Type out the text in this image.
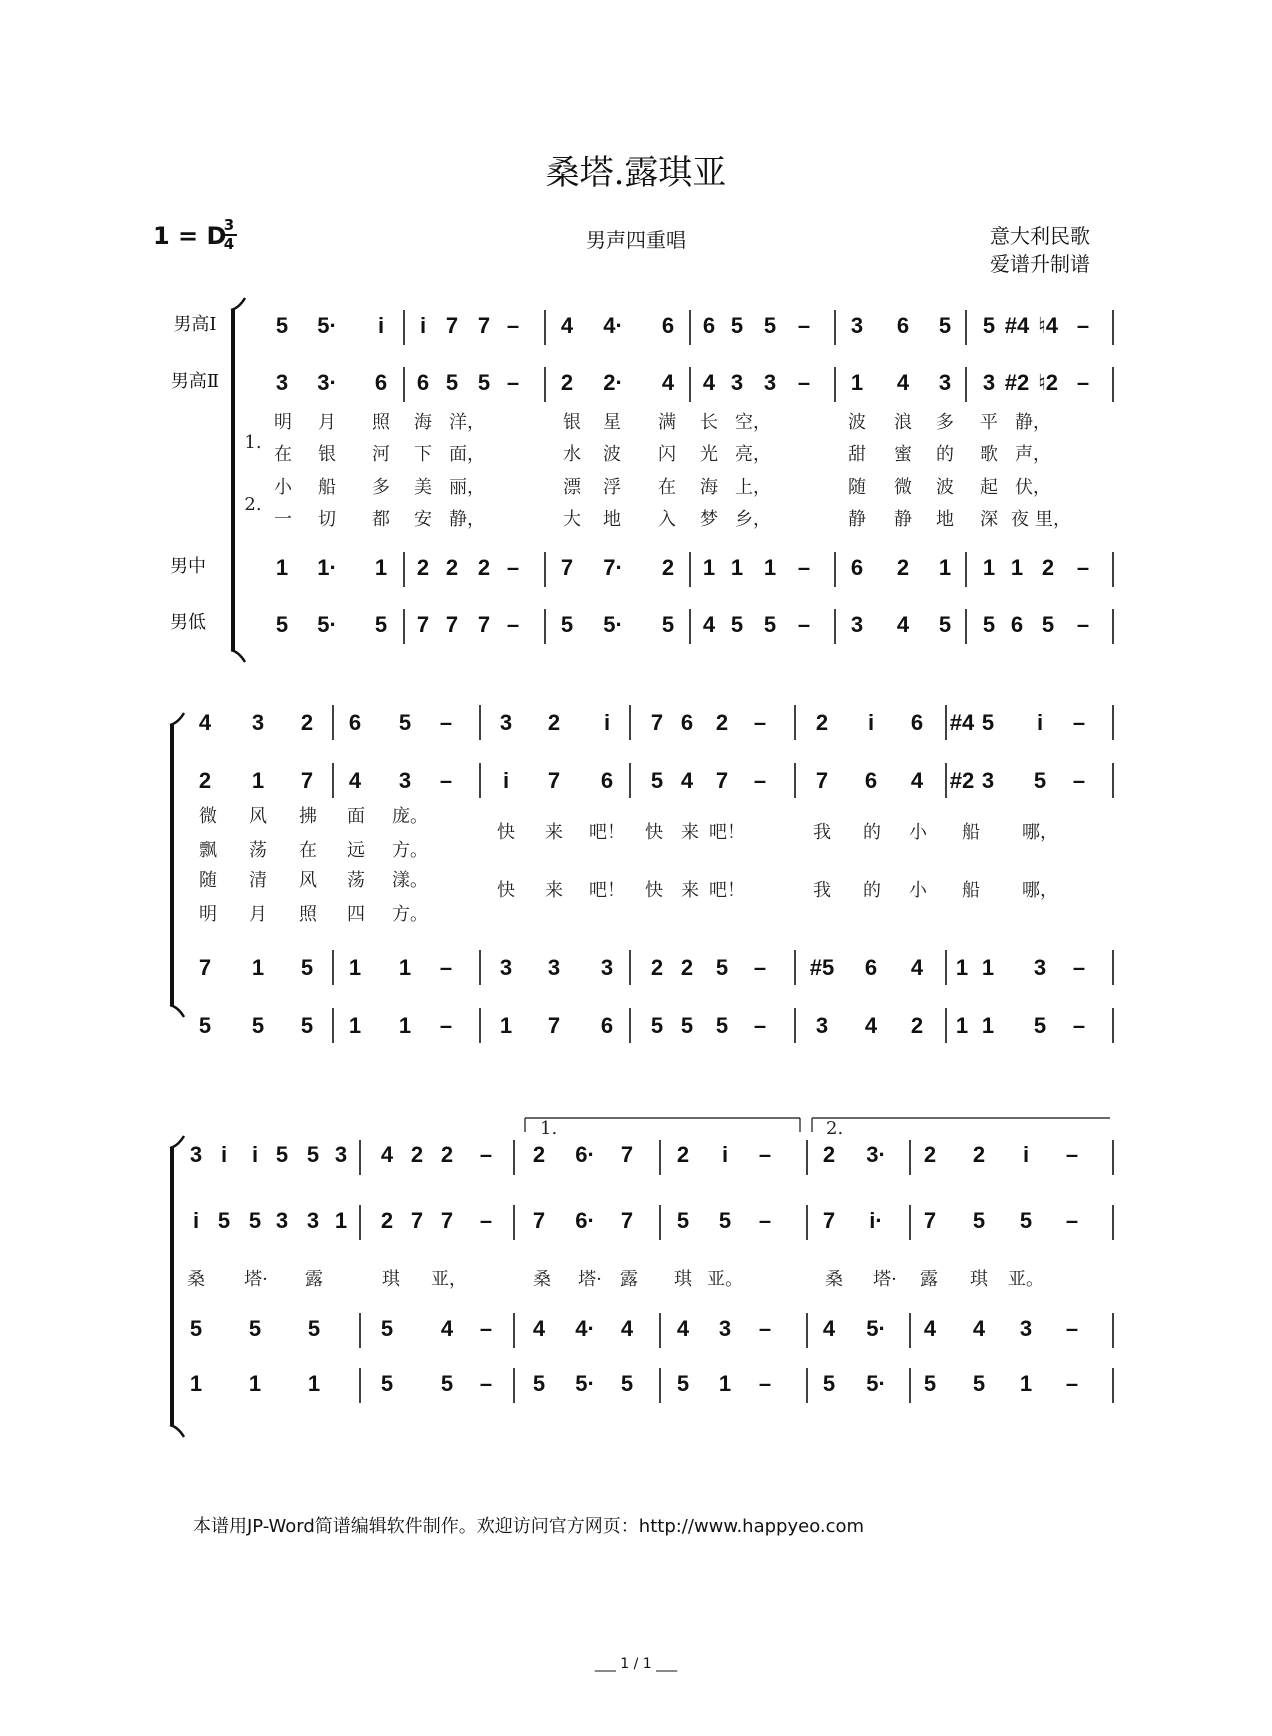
桑塔.露琪亚
1 = D
3
4	男声四重唱	意大利民歌
爱谱升制谱
男高Ⅰ
男高Ⅱ
男中
男低
5 5· i i 7 7 – 4 4· 6 6 5 5 – 3 6 5 5 #4 ♮4 –
3 3· 6 6 5 5 – 2 2· 4 4 3 3 – 1 4 3 3 #2 ♮2 –
1 1· 1 2 2 2 – 7 7· 2 1 1 1 – 6 2 1 1 1 2 –
5 5· 5 7 7 7 – 5 5· 5 4 5 5 – 3 4 5 5 6 5 –
明 月 照 海 洋，	银 星 满 长 空，	波 浪 多 平 静，
在 银 河 下 面，	水 波 闪 光 亮，	甜 蜜 的 歌 声，
小 船 多 美 丽，	漂 浮 在 海 上，	随 微 波 起 伏，
一 切 都 安 静，	大 地 入 梦 乡，	静 静 地 深 夜 里，
1.
2.
4 3 2 6 5 – 3 2 i 7 6 2 – 2 i 6 #4 5 i –
2 1 7 4 3 – i 7 6 5 4 7 – 7 6 4 #2 3 5 –
7 1 5 1 1 – 3 3 3 2 2 5 – #5 6 4 1 1 3 –
5 5 5 1 1 – 1 7 6 5 5 5 – 3 4 2 1 1 5 –
微 风 拂 面 庞。
飘 荡 在 远 方。
随 清 风 荡 漾。
明 月 照 四 方。
快 来 吧！ 快 来 吧！	我 的 小 船 哪，
快 来 吧！ 快 来 吧！	我 的 小 船 哪，
3 i i 5 5 3 4 2 2 – 2 6· 7 2 i – 2 3· 2 2 i –
i 5 5 3 3 1 2 7 7 – 7 6· 7 5 5 – 7 i· 7 5 5 –
5 5 5	5 4 – 4 4· 4 4 3 – 4 5· 4 4 3 –
1 1 1	5 5 – 5 5· 5 5 1 – 5 5· 5 5 1 –
1.	2.
桑 塔· 露	琪 亚，	桑 塔· 露 琪 亚。	桑 塔· 露 琪 亚。
本谱用JP-Word简谱编辑软件制作。欢迎访问官方网页：http://www.happyeo.com
___ 1 / 1 ___
